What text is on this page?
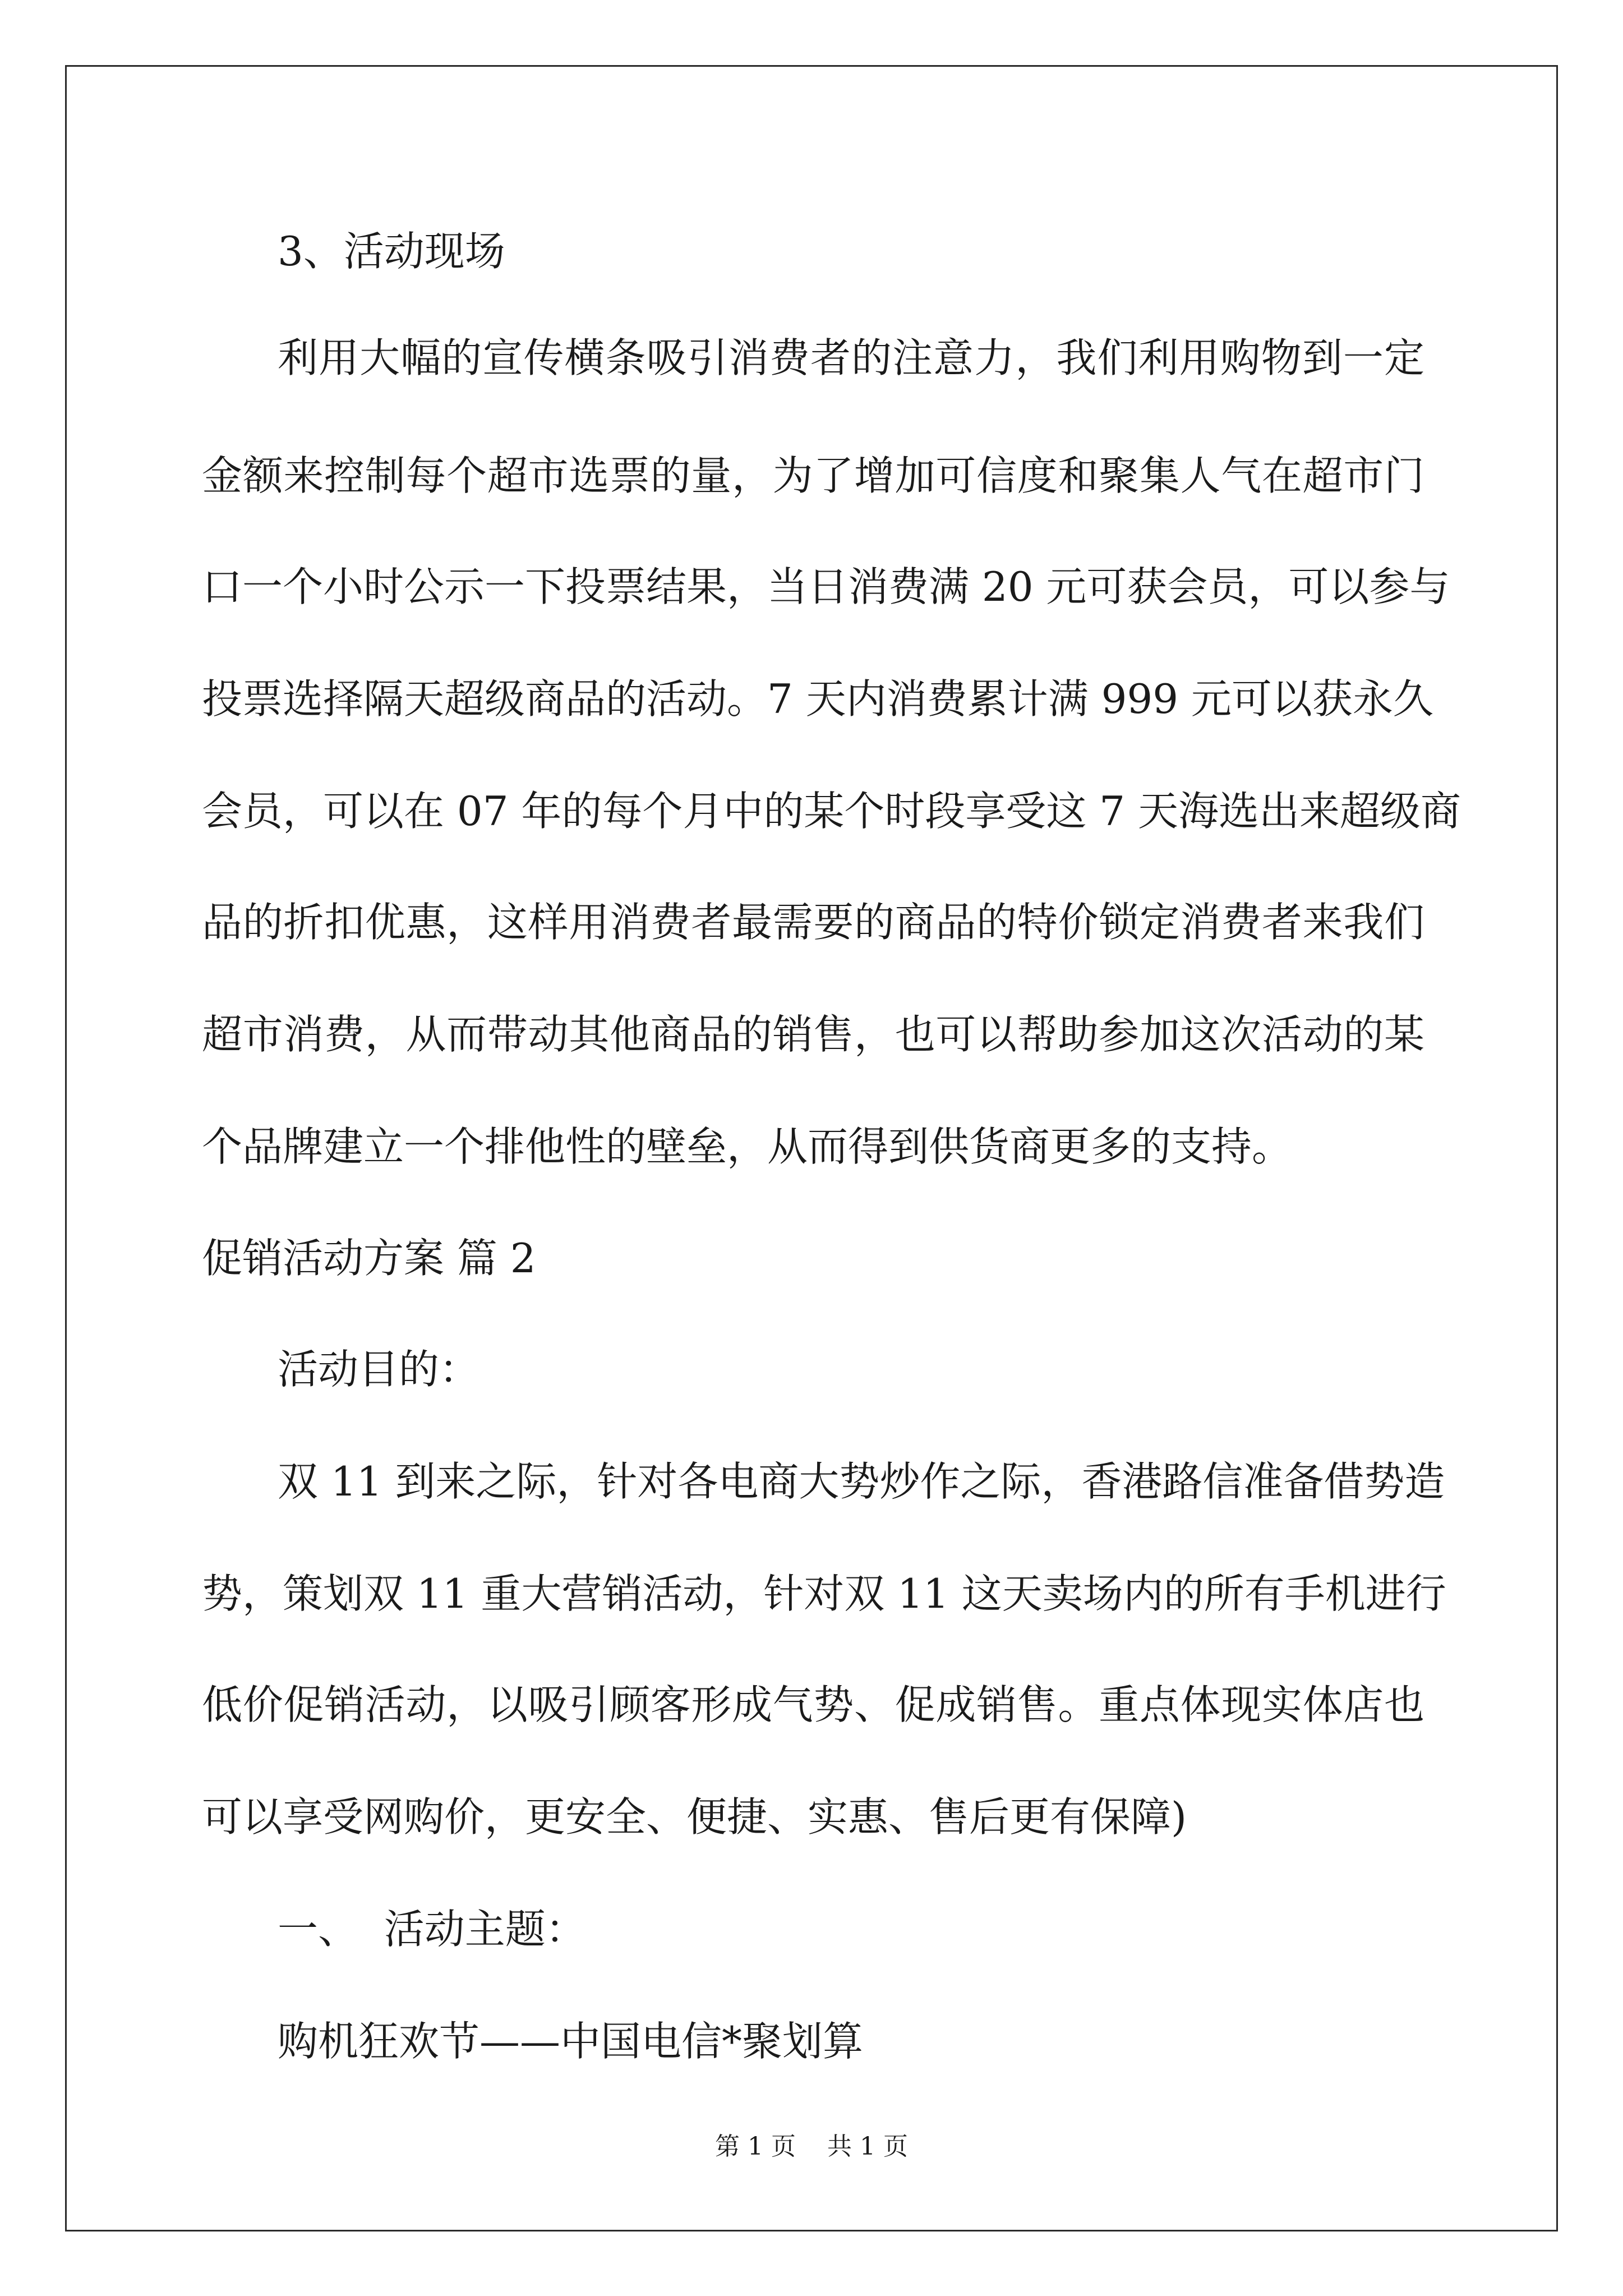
3、活动现场
利用大幅的宣传横条吸引消费者的注意力，我们利用购物到一定
金额来控制每个超市选票的量，为了增加可信度和聚集人气在超市门
口一个小时公示一下投票结果，当日消费满 20 元可获会员，可以参与
投票选择隔天超级商品的活动。7 天内消费累计满 999 元可以获永久
会员，可以在 07 年的每个月中的某个时段享受这 7 天海选出来超级商
品的折扣优惠，这样用消费者最需要的商品的特价锁定消费者来我们
超市消费，从而带动其他商品的销售，也可以帮助参加这次活动的某
个品牌建立一个排他性的壁垒，从而得到供货商更多的支持。
促销活动方案 篇 2
活动目的：
双 11 到来之际，针对各电商大势炒作之际，香港路信准备借势造
势，策划双 11 重大营销活动，针对双 11 这天卖场内的所有手机进行
低价促销活动，以吸引顾客形成气势、促成销售。重点体现实体店也
可以享受网购价，更安全、便捷、实惠、售后更有保障)
一、  活动主题：
购机狂欢节——中国电信*聚划算
第 1 页 共 1 页
